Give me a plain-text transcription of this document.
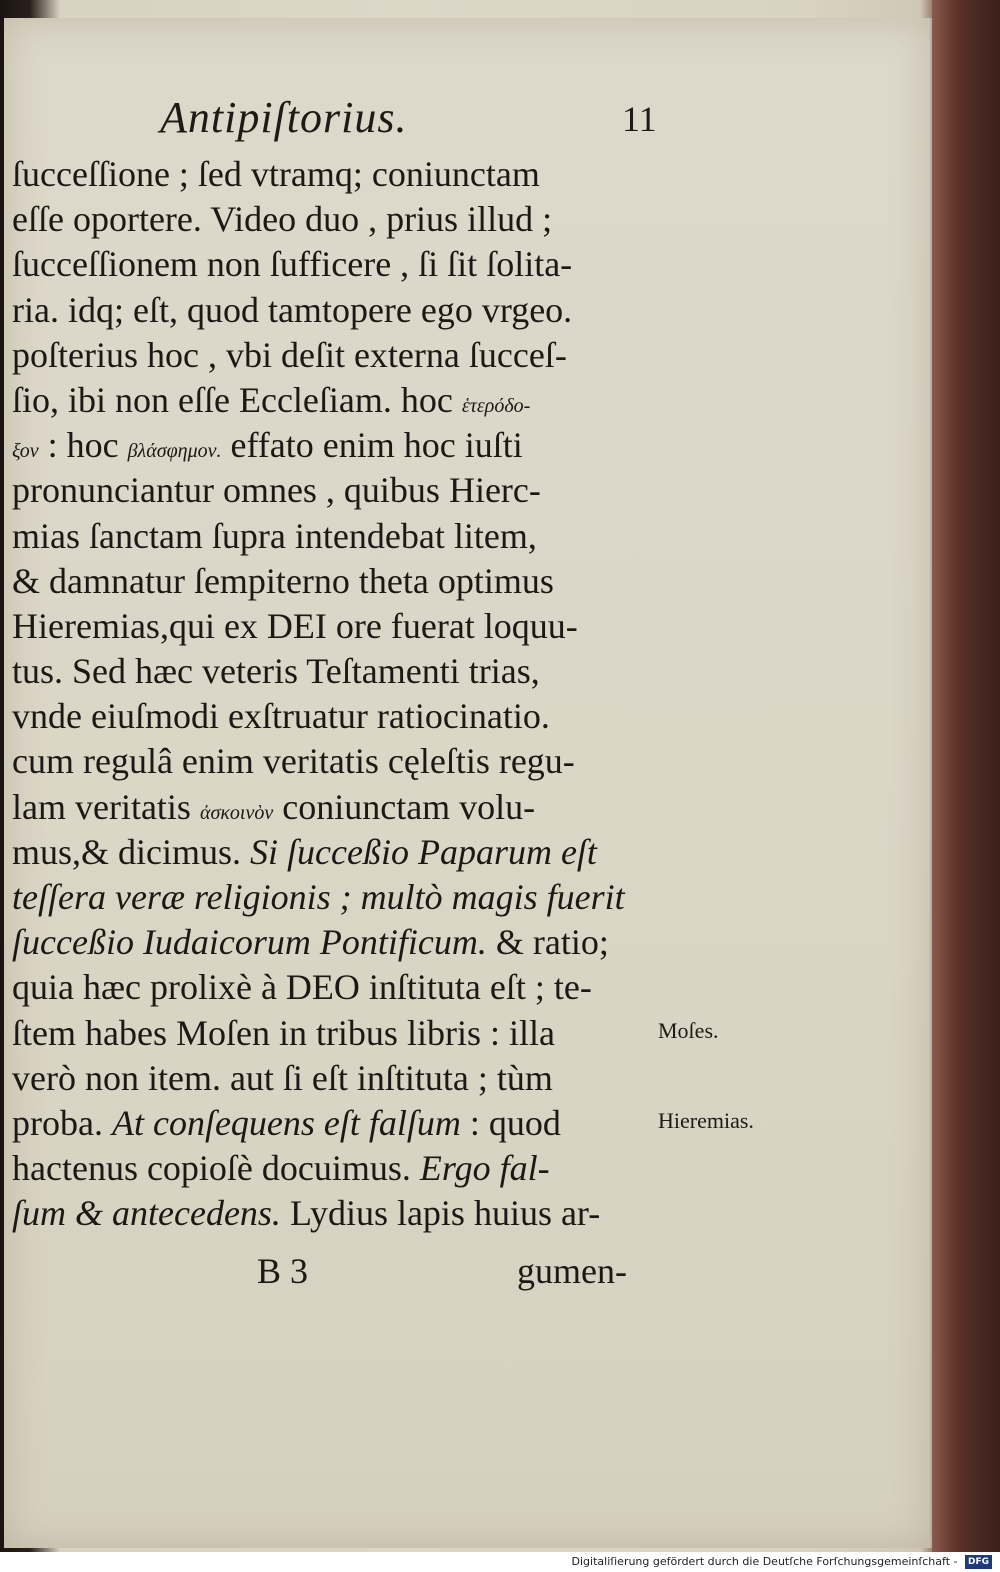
Antipiſtorius.	11
ſucceſſione ; ſed vtramq; coniunctam
eſſe oportere. Video duo , prius illud ;
ſucceſſionem non ſufficere , ſi ſit ſolita-
ria. idq; eſt, quod tamtopere ego vrgeo.
poſterius hoc , vbi deſit externa ſucceſ-
ſio, ibi non eſſe Eccleſiam. hoc ἑτερόδο-
ξον : hoc βλάσφημον. effato enim hoc iuſti
pronunciantur omnes , quibus Hierc-
mias ſanctam ſupra intendebat litem,
& damnatur ſempiterno theta optimus
Hieremias,qui ex DEI ore fuerat loquu-
tus. Sed hæc veteris Teſtamenti trias,
vnde eiuſmodi exſtruatur ratiocinatio.
cum regulâ enim veritatis cęleſtis regu-
lam veritatis ἀσκοινὸν coniunctam volu-
mus,& dicimus. Si ſucceßio Paparum eſt
teſſera veræ religionis ; multò magis fuerit
ſucceßio Iudaicorum Pontificum. & ratio;
quia hæc prolixè à DEO inſtituta eſt ; te-
ſtem habes Moſen in tribus libris : illa
verò non item. aut ſi eſt inſtituta ; tùm
proba. At conſequens eſt falſum : quod
hactenus copioſè docuimus. Ergo fal-
ſum & antecedens. Lydius lapis huius ar-
Moſes.
Hieremias.
B 3	gumen-
Digitaliſierung gefördert durch die Deutſche Forſchungsgemeinſchaft - DFG
